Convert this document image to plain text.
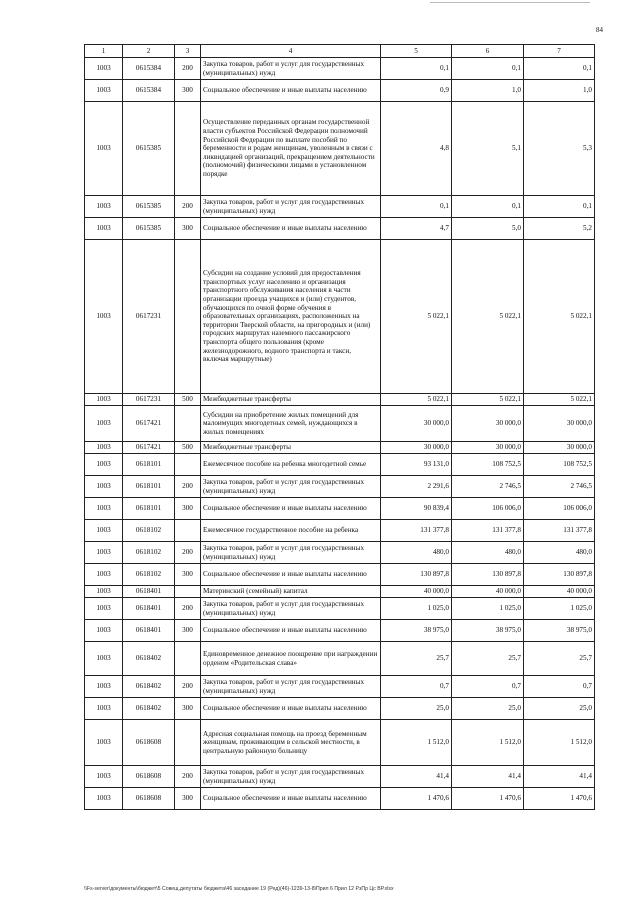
84
1	2	3	4	5	6	7
1003	0615384	200	Закупка товаров, работ и услуг для государственных (муниципальных) нужд	0,1	0,1	0,1
1003	0615384	300	Социальное обеспечение и иные выплаты населению	0,9	1,0	1,0
1003	0615385		Осуществление переданных органам государственной власти субъектов Российской Федерации полномочий Российской Федерации по выплате пособий по беременности и родам женщинам, уволенным в связи с ликвидацией организаций, прекращением деятельности (полномочий) физическими лицами в установленном порядке	4,8	5,1	5,3
1003	0615385	200	Закупка товаров, работ и услуг для государственных (муниципальных) нужд	0,1	0,1	0,1
1003	0615385	300	Социальное обеспечение и иные выплаты населению	4,7	5,0	5,2
1003	0617231		Субсидии на создание условий для предоставления транспортных услуг населению и организация транспортного обслуживания населения в части организации проезда учащихся и (или) студентов, обучающихся по очной форме обучения в образовательных организациях, расположенных на территории Тверской области, на пригородных и (или) городских маршрутах наземного пассажирского транспорта общего пользования (кроме железнодорожного, водного транспорта и такси, включая маршрутные)	5 022,1	5 022,1	5 022,1
1003	0617231	500	Межбюджетные трансферты	5 022,1	5 022,1	5 022,1
1003	0617421		Субсидии на приобретение жилых помещений для малоимущих многодетных семей, нуждающихся в жилых помещениях	30 000,0	30 000,0	30 000,0
1003	0617421	500	Межбюджетные трансферты	30 000,0	30 000,0	30 000,0
1003	0618101		Ежемесячное пособие на ребенка многодетной семье	93 131,0	108 752,5	108 752,5
1003	0618101	200	Закупка товаров, работ и услуг для государственных (муниципальных) нужд	2 291,6	2 746,5	2 746,5
1003	0618101	300	Социальное обеспечение и иные выплаты населению	90 839,4	106 006,0	106 006,0
1003	0618102		Ежемесячное государственное пособие на ребенка	131 377,8	131 377,8	131 377,8
1003	0618102	200	Закупка товаров, работ и услуг для государственных (муниципальных) нужд	480,0	480,0	480,0
1003	0618102	300	Социальное обеспечение и иные выплаты населению	130 897,8	130 897,8	130 897,8
1003	0618401		Материнский (семейный) капитал	40 000,0	40 000,0	40 000,0
1003	0618401	200	Закупка товаров, работ и услуг для государственных (муниципальных) нужд	1 025,0	1 025,0	1 025,0
1003	0618401	300	Социальное обеспечение и иные выплаты населению	38 975,0	38 975,0	38 975,0
1003	0618402		Единовременное денежное поощрение при награждении орденом «Родительская слава»	25,7	25,7	25,7
1003	0618402	200	Закупка товаров, работ и услуг для государственных (муниципальных) нужд	0,7	0,7	0,7
1003	0618402	300	Социальное обеспечение и иные выплаты населению	25,0	25,0	25,0
1003	0618608		Адресная социальная помощь на проезд беременным женщинам, проживающим в сельской местности, в центральную районную больницу	1 512,0	1 512,0	1 512,0
1003	0618608	200	Закупка товаров, работ и услуг для государственных (муниципальных) нужд	41,4	41,4	41,4
1003	0618608	300	Социальное обеспечение и иные выплаты населению	1 470,6	1 470,6	1 470,6
\\Fs-server\документы\бюджет\5 Совещ.депутаты бюджета\46 заседание 19 (Ред)(46)-1239-13-8\Прил 6 Прил 12 РзПр Цс ВР.xlsx
